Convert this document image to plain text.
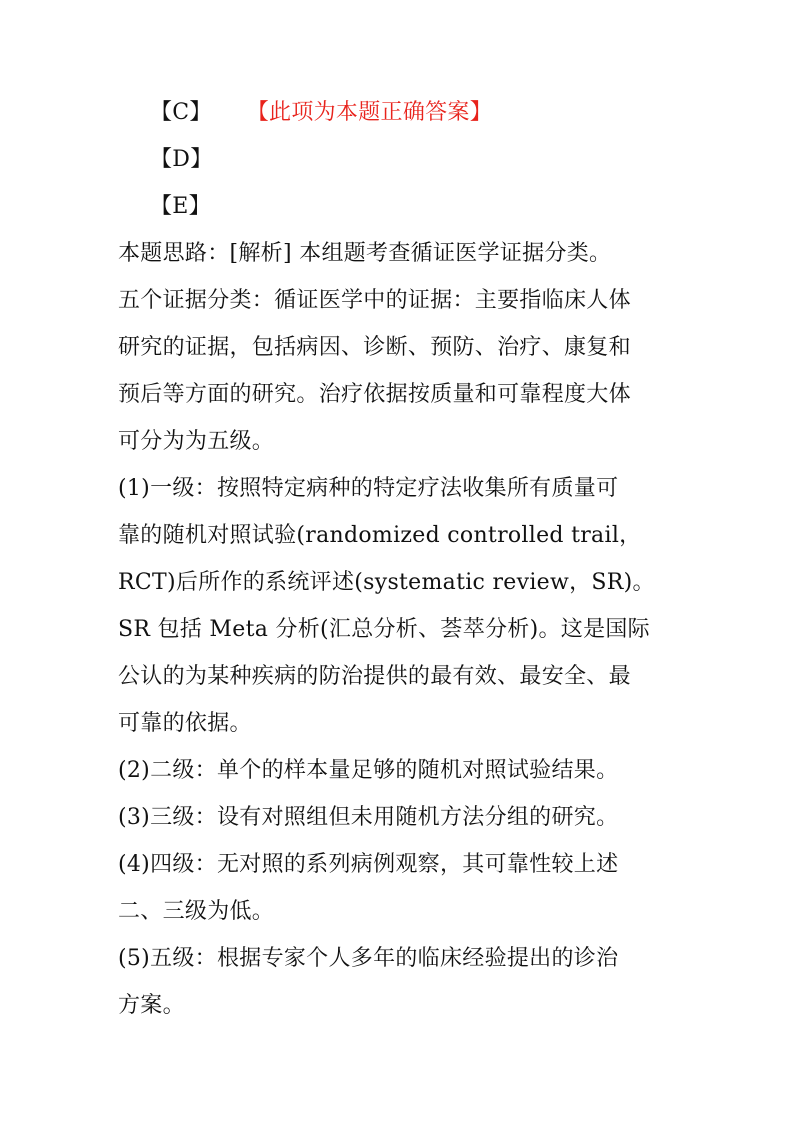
【C】 【此项为本题正确答案】
【D】
【E】
本题思路：[解析] 本组题考查循证医学证据分类。
五个证据分类：循证医学中的证据：主要指临床人体
研究的证据，包括病因、诊断、预防、治疗、康复和
预后等方面的研究。治疗依据按质量和可靠程度大体
可分为为五级。
(1)一级：按照特定病种的特定疗法收集所有质量可
靠的随机对照试验(randomized controlled trail，
RCT)后所作的系统评述(systematic review，SR)。
SR 包括 Meta 分析(汇总分析、荟萃分析)。这是国际
公认的为某种疾病的防治提供的最有效、最安全、最
可靠的依据。
(2)二级：单个的样本量足够的随机对照试验结果。
(3)三级：设有对照组但未用随机方法分组的研究。
(4)四级：无对照的系列病例观察，其可靠性较上述
二、三级为低。
(5)五级：根据专家个人多年的临床经验提出的诊治
方案。
